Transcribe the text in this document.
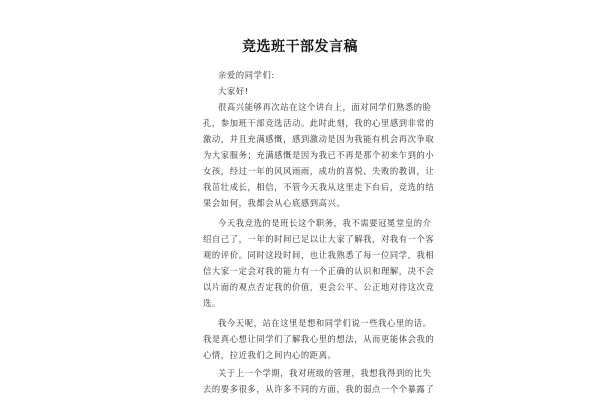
竞选班干部发言稿
亲爱的同学们:
大家好!
很高兴能够再次站在这个讲台上，面对同学们熟悉的脸
孔，参加班干部竞选活动。此时此刻，我的心里感到非常的
激动，并且充满感慨，感到激动是因为我能有机会再次争取
为大家服务；充满感慨是因为我已不再是那个初来乍到的小
女孩，经过一年的风风雨雨，成功的喜悦、失败的教训，让
我茁壮成长，相信，不管今天我从这里走下台后，竞选的结
果会如何，我都会从心底感到高兴。
今天我竞选的是班长这个职务，我不需要冠冕堂皇的介
绍自己了，一年的时间已足以让大家了解我，对我有一个客
观的评价。同时这段时间，也让我熟悉了每一位同学，我相
信大家一定会对我的能力有一个正确的认识和理解，决不会
以片面的观点否定我的价值，更会公平、公正地对待这次竞
选。
我今天呢，站在这里是想和同学们说一些我心里的话。
我是真心想让同学们了解我心里的想法，从而更能体会我的
心情，拉近我们之间内心的距离。
关于上一个学期，我对班级的管理，我想我得到的比失
去的要多很多，从许多不同的方面，我的弱点一个个暴露了
